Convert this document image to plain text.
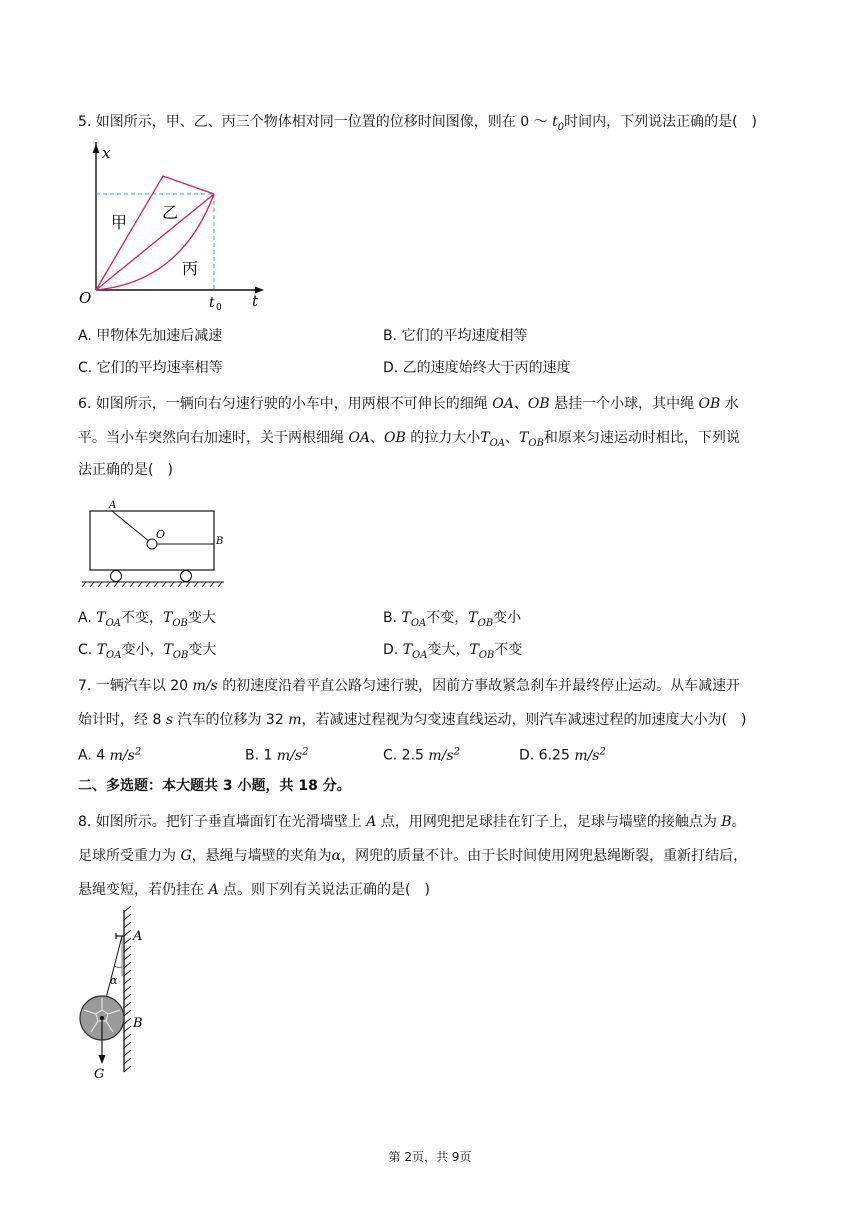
5. 如图所示，甲、乙、丙三个物体相对同一位置的位移时间图像，则在 0 ～ $t_0$时间内，下列说法正确的是(　)
x
t
O	t 0
甲
乙
丙
A. 甲物体先加速后减速	B. 它们的平均速度相等
C. 它们的平均速率相等	D. 乙的速度始终大于丙的速度
6. 如图所示，一辆向右匀速行驶的小车中，用两根不可伸长的细绳 OA、OB 悬挂一个小球，其中绳 OB 水
平。当小车突然向右加速时，关于两根细绳 OA、OB 的拉力大小$T_{OA}$、$T_{OB}$和原来匀速运动时相比，下列说
法正确的是(　)
A
O
B
A. $T_{OA}$不变，$T_{OB}$变大	B. $T_{OA}$不变，$T_{OB}$变小
C. $T_{OA}$变小，$T_{OB}$变大	D. $T_{OA}$变大，$T_{OB}$不变
7. 一辆汽车以 20 m/s 的初速度沿着平直公路匀速行驶，因前方事故紧急刹车并最终停止运动。从车减速开
始计时，经 8 s 汽车的位移为 32 m，若减速过程视为匀变速直线运动，则汽车减速过程的加速度大小为(　)
A. 4 $m/s^2$	B. 1 $m/s^2$	C. 2.5 $m/s^2$	D. 6.25 $m/s^2$
二、多选题：本大题共 3 小题，共 18 分。
8. 如图所示。把钉子垂直墙面钉在光滑墙壁上 A 点，用网兜把足球挂在钉子上，足球与墙壁的接触点为 B。
足球所受重力为 G，悬绳与墙壁的夹角为α，网兜的质量不计。由于长时间使用网兜悬绳断裂，重新打结后，
悬绳变短，若仍挂在 A 点。则下列有关说法正确的是(　)
A
B
G
α
第 2页，共 9页
